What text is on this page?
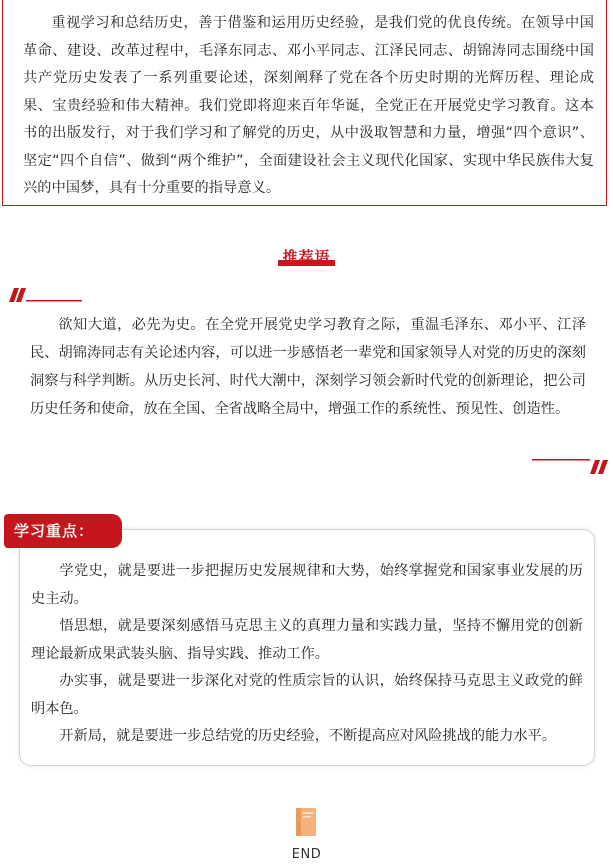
重视学习和总结历史，善于借鉴和运用历史经验，是我们党的优良传统。在领导中国革命、建设、改革过程中，毛泽东同志、邓小平同志、江泽民同志、胡锦涛同志围绕中国共产党历史发表了一系列重要论述，深刻阐释了党在各个历史时期的光辉历程、理论成果、宝贵经验和伟大精神。我们党即将迎来百年华诞，全党正在开展党史学习教育。这本书的出版发行，对于我们学习和了解党的历史，从中汲取智慧和力量，增强“四个意识”、坚定“四个自信”、做到“两个维护”，全面建设社会主义现代化国家、实现中华民族伟大复兴的中国梦，具有十分重要的指导意义。

推荐语

欲知大道，必先为史。在全党开展党史学习教育之际，重温毛泽东、邓小平、江泽民、胡锦涛同志有关论述内容，可以进一步感悟老一辈党和国家领导人对党的历史的深刻洞察与科学判断。从历史长河、时代大潮中，深刻学习领会新时代党的创新理论，把公司历史任务和使命，放在全国、全省战略全局中，增强工作的系统性、预见性、创造性。

学习重点：
学党史，就是要进一步把握历史发展规律和大势，始终掌握党和国家事业发展的历史主动。
悟思想，就是要深刻感悟马克思主义的真理力量和实践力量，坚持不懈用党的创新理论最新成果武装头脑、指导实践、推动工作。
办实事，就是要进一步深化对党的性质宗旨的认识，始终保持马克思主义政党的鲜明本色。
开新局，就是要进一步总结党的历史经验，不断提高应对风险挑战的能力水平。
END
